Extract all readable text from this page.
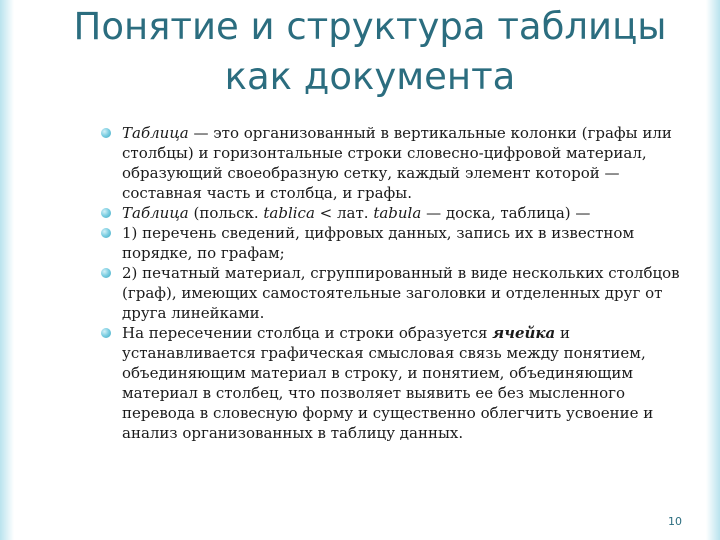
Понятие и структура таблицы
как документа

Таблица — это организованный в вертикальные колонки (графы или столбцы) и горизонтальные строки словесно-цифровой материал, образующий своеобразную сетку, каждый элемент которой — составная часть и столбца, и графы.

Таблица (польск. tablica < лат. tabula — доска, таблица) —

1) перечень сведений, цифровых данных, запись их в известном порядке, по графам;

2) печатный материал, сгруппированный в виде нескольких столбцов (граф), имеющих самостоятельные заголовки и отделенных друг от друга линейками.

На пересечении столбца и строки образуется ячейка и устанавливается графическая смысловая связь между понятием, объединяющим материал в строку, и понятием, объединяющим материал в столбец, что позволяет выявить ее без мысленного перевода в словесную форму и существенно облегчить усвоение и анализ организованных в таблицу данных.

10
